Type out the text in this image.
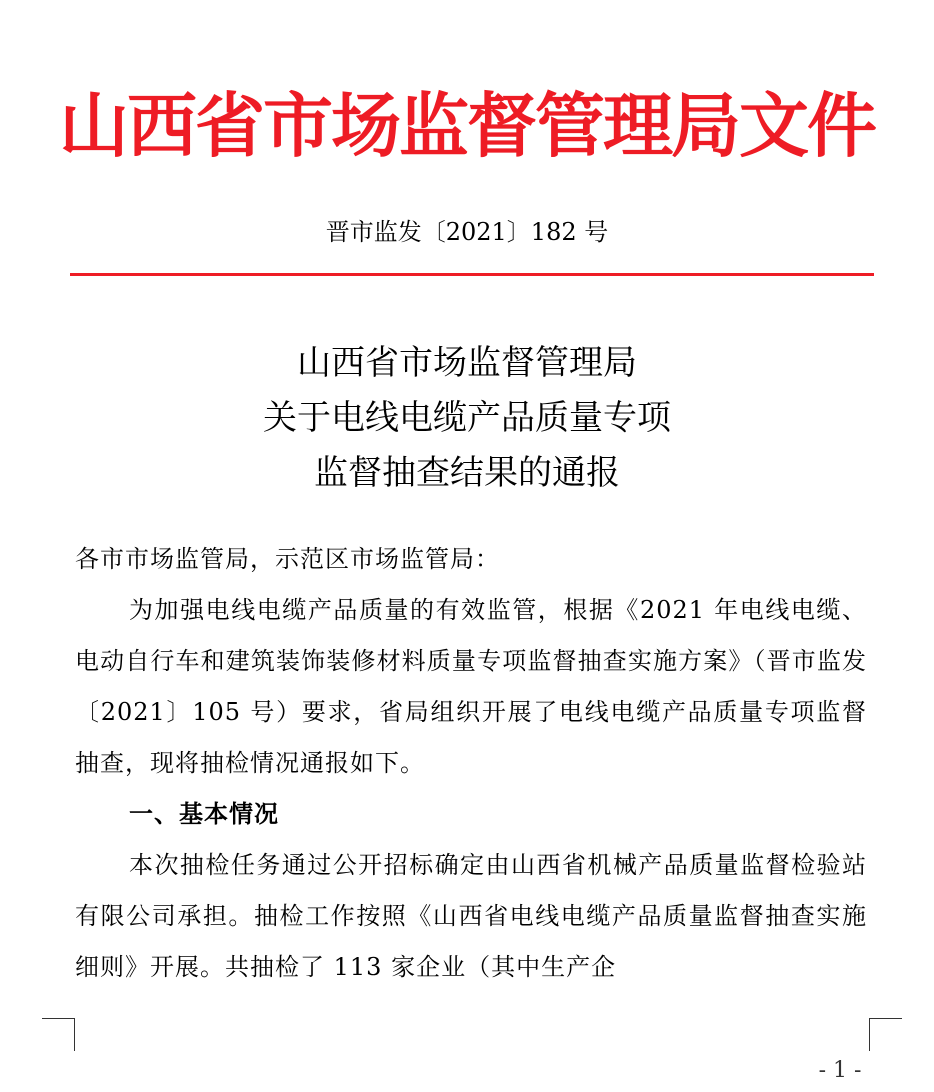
山西省市场监督管理局文件
晋市监发〔2021〕182 号
山西省市场监督管理局
关于电线电缆产品质量专项
监督抽查结果的通报

各市市场监管局，示范区市场监管局：

为加强电线电缆产品质量的有效监管，根据《2021 年电线电缆、电动自行车和建筑装饰装修材料质量专项监督抽查实施方案》（晋市监发〔2021〕105 号）要求，省局组织开展了电线电缆产品质量专项监督抽查，现将抽检情况通报如下。

一、基本情况

本次抽检任务通过公开招标确定由山西省机械产品质量监督检验站有限公司承担。抽检工作按照《山西省电线电缆产品质量监督抽查实施细则》开展。共抽检了 113 家企业（其中生产企

- 1 -
